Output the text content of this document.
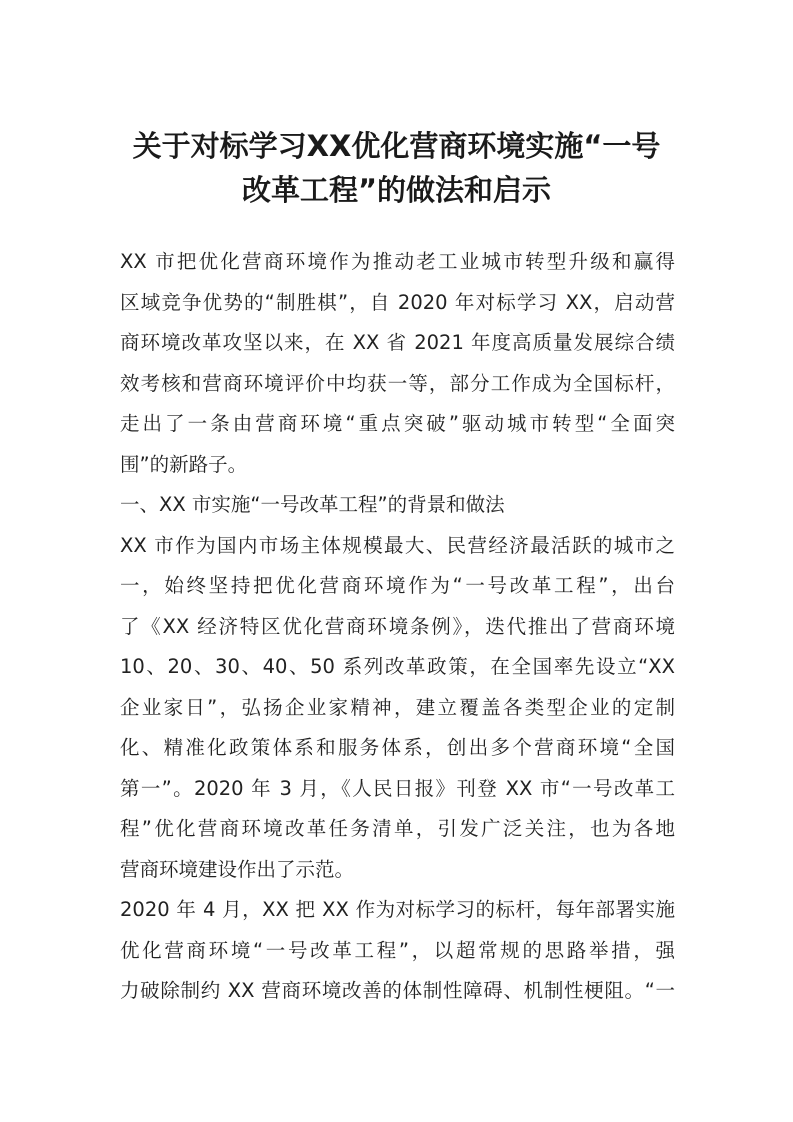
关于对标学习XX优化营商环境实施“一号
改革工程”的做法和启示
XX 市把优化营商环境作为推动老工业城市转型升级和赢得
区域竞争优势的“制胜棋”，自 2020 年对标学习 XX，启动营
商环境改革攻坚以来，在 XX 省 2021 年度高质量发展综合绩
效考核和营商环境评价中均获一等，部分工作成为全国标杆，
走出了一条由营商环境“重点突破”驱动城市转型“全面突
围”的新路子。
一、XX 市实施“一号改革工程”的背景和做法
XX 市作为国内市场主体规模最大、民营经济最活跃的城市之
一，始终坚持把优化营商环境作为“一号改革工程”，出台
了《XX 经济特区优化营商环境条例》，迭代推出了营商环境
10、20、30、40、50 系列改革政策，在全国率先设立“XX
企业家日”，弘扬企业家精神，建立覆盖各类型企业的定制
化、精准化政策体系和服务体系，创出多个营商环境“全国
第一”。2020 年 3 月，《人民日报》刊登 XX 市“一号改革工
程”优化营商环境改革任务清单，引发广泛关注，也为各地
营商环境建设作出了示范。
2020 年 4 月，XX 把 XX 作为对标学习的标杆，每年部署实施
优化营商环境“一号改革工程”，以超常规的思路举措，强
力破除制约 XX 营商环境改善的体制性障碍、机制性梗阻。“一
